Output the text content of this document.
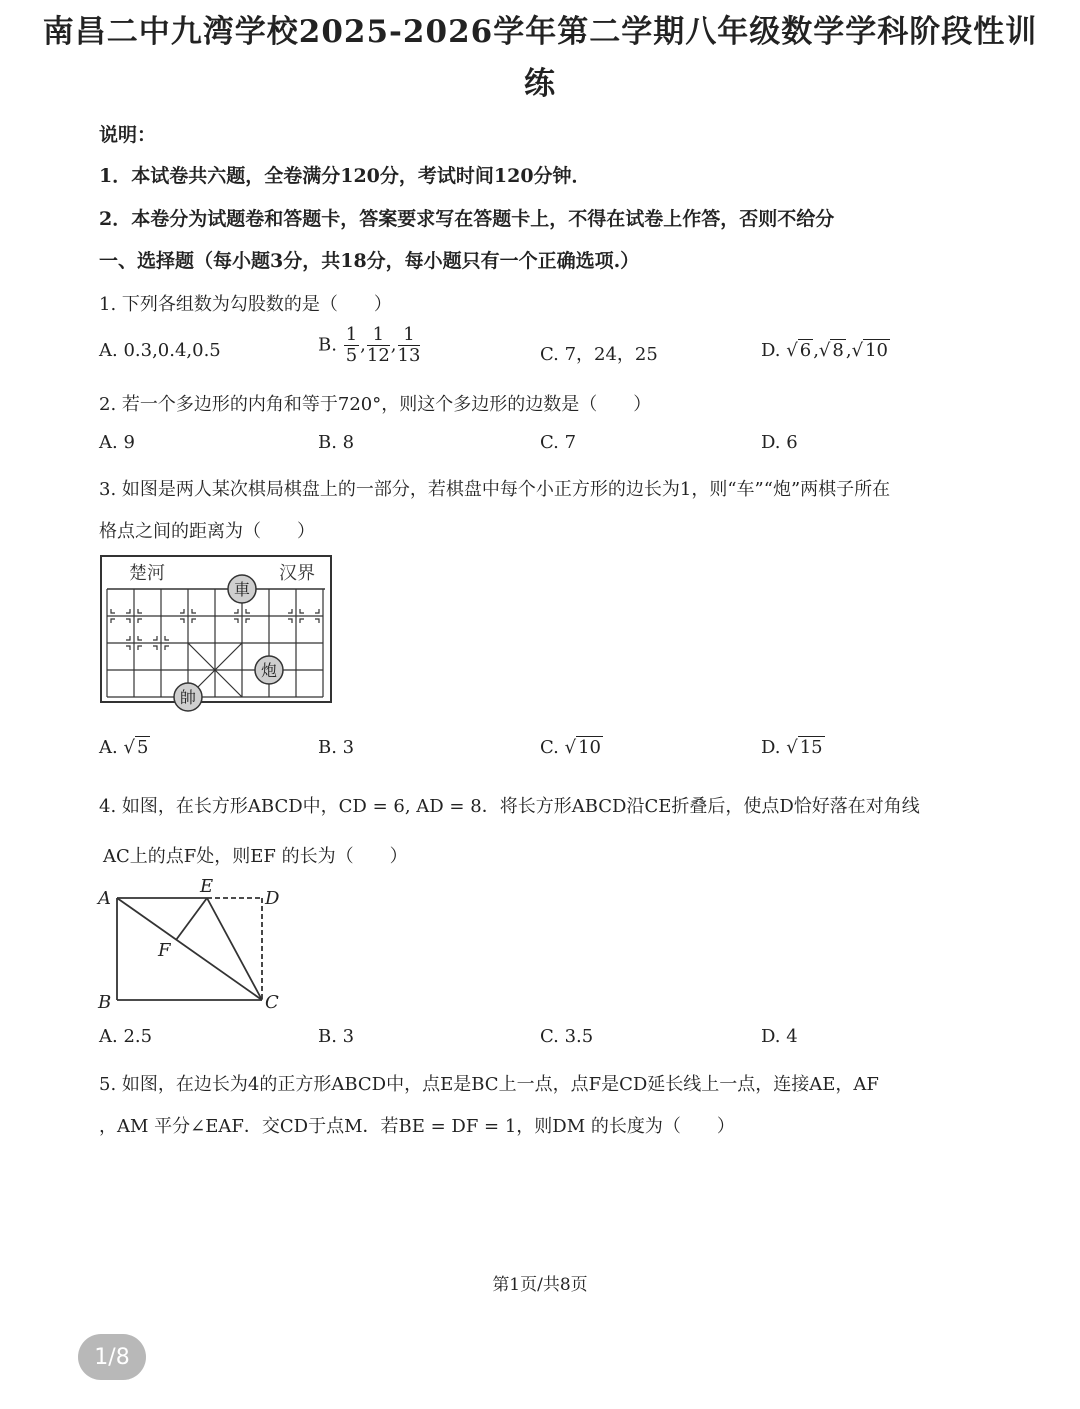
南昌二中九湾学校2025-2026学年第二学期八年级数学学科阶段性训
练
说明：
1．本试卷共六题，全卷满分120分，考试时间120分钟．
2．本卷分为试题卷和答题卡，答案要求写在答题卡上，不得在试卷上作答，否则不给分
一、选择题（每小题3分，共18分，每小题只有一个正确选项.）
1. 下列各组数为勾股数的是（　　）
A. 0.3,0.4,0.5	B. $\frac{1}{5}$ , $\frac{1}{12}$ , $\frac{1}{13}$	C. 7，24，25	D. √ 6 ,√ 8 ,√ 10
2. 若一个多边形的内角和等于720°，则这个多边形的边数是（　　）
A. 9	B. 8	C. 7	D. 6
3. 如图是两人某次棋局棋盘上的一部分，若棋盘中每个小正方形的边长为1，则“车”“炮”两棋子所在
格点之间的距离为（　　）
楚河	汉界
車
炮
帥
A. √ 5	B. 3	C. √ 10	D. √ 15
4. 如图，在长方形ABCD中，CD = 6, AD = 8．将长方形ABCD沿CE折叠后，使点D恰好落在对角线
AC上的点F处，则EF 的长为（　　）
A
B	C
D
E
F
A. 2.5	B. 3	C. 3.5	D. 4
5. 如图，在边长为4的正方形ABCD中，点E是BC上一点，点F是CD延长线上一点，连接AE，AF
，AM 平分∠EAF．交CD于点M．若BE = DF = 1，则DM 的长度为（　　）
第1页/共8页
1/8
